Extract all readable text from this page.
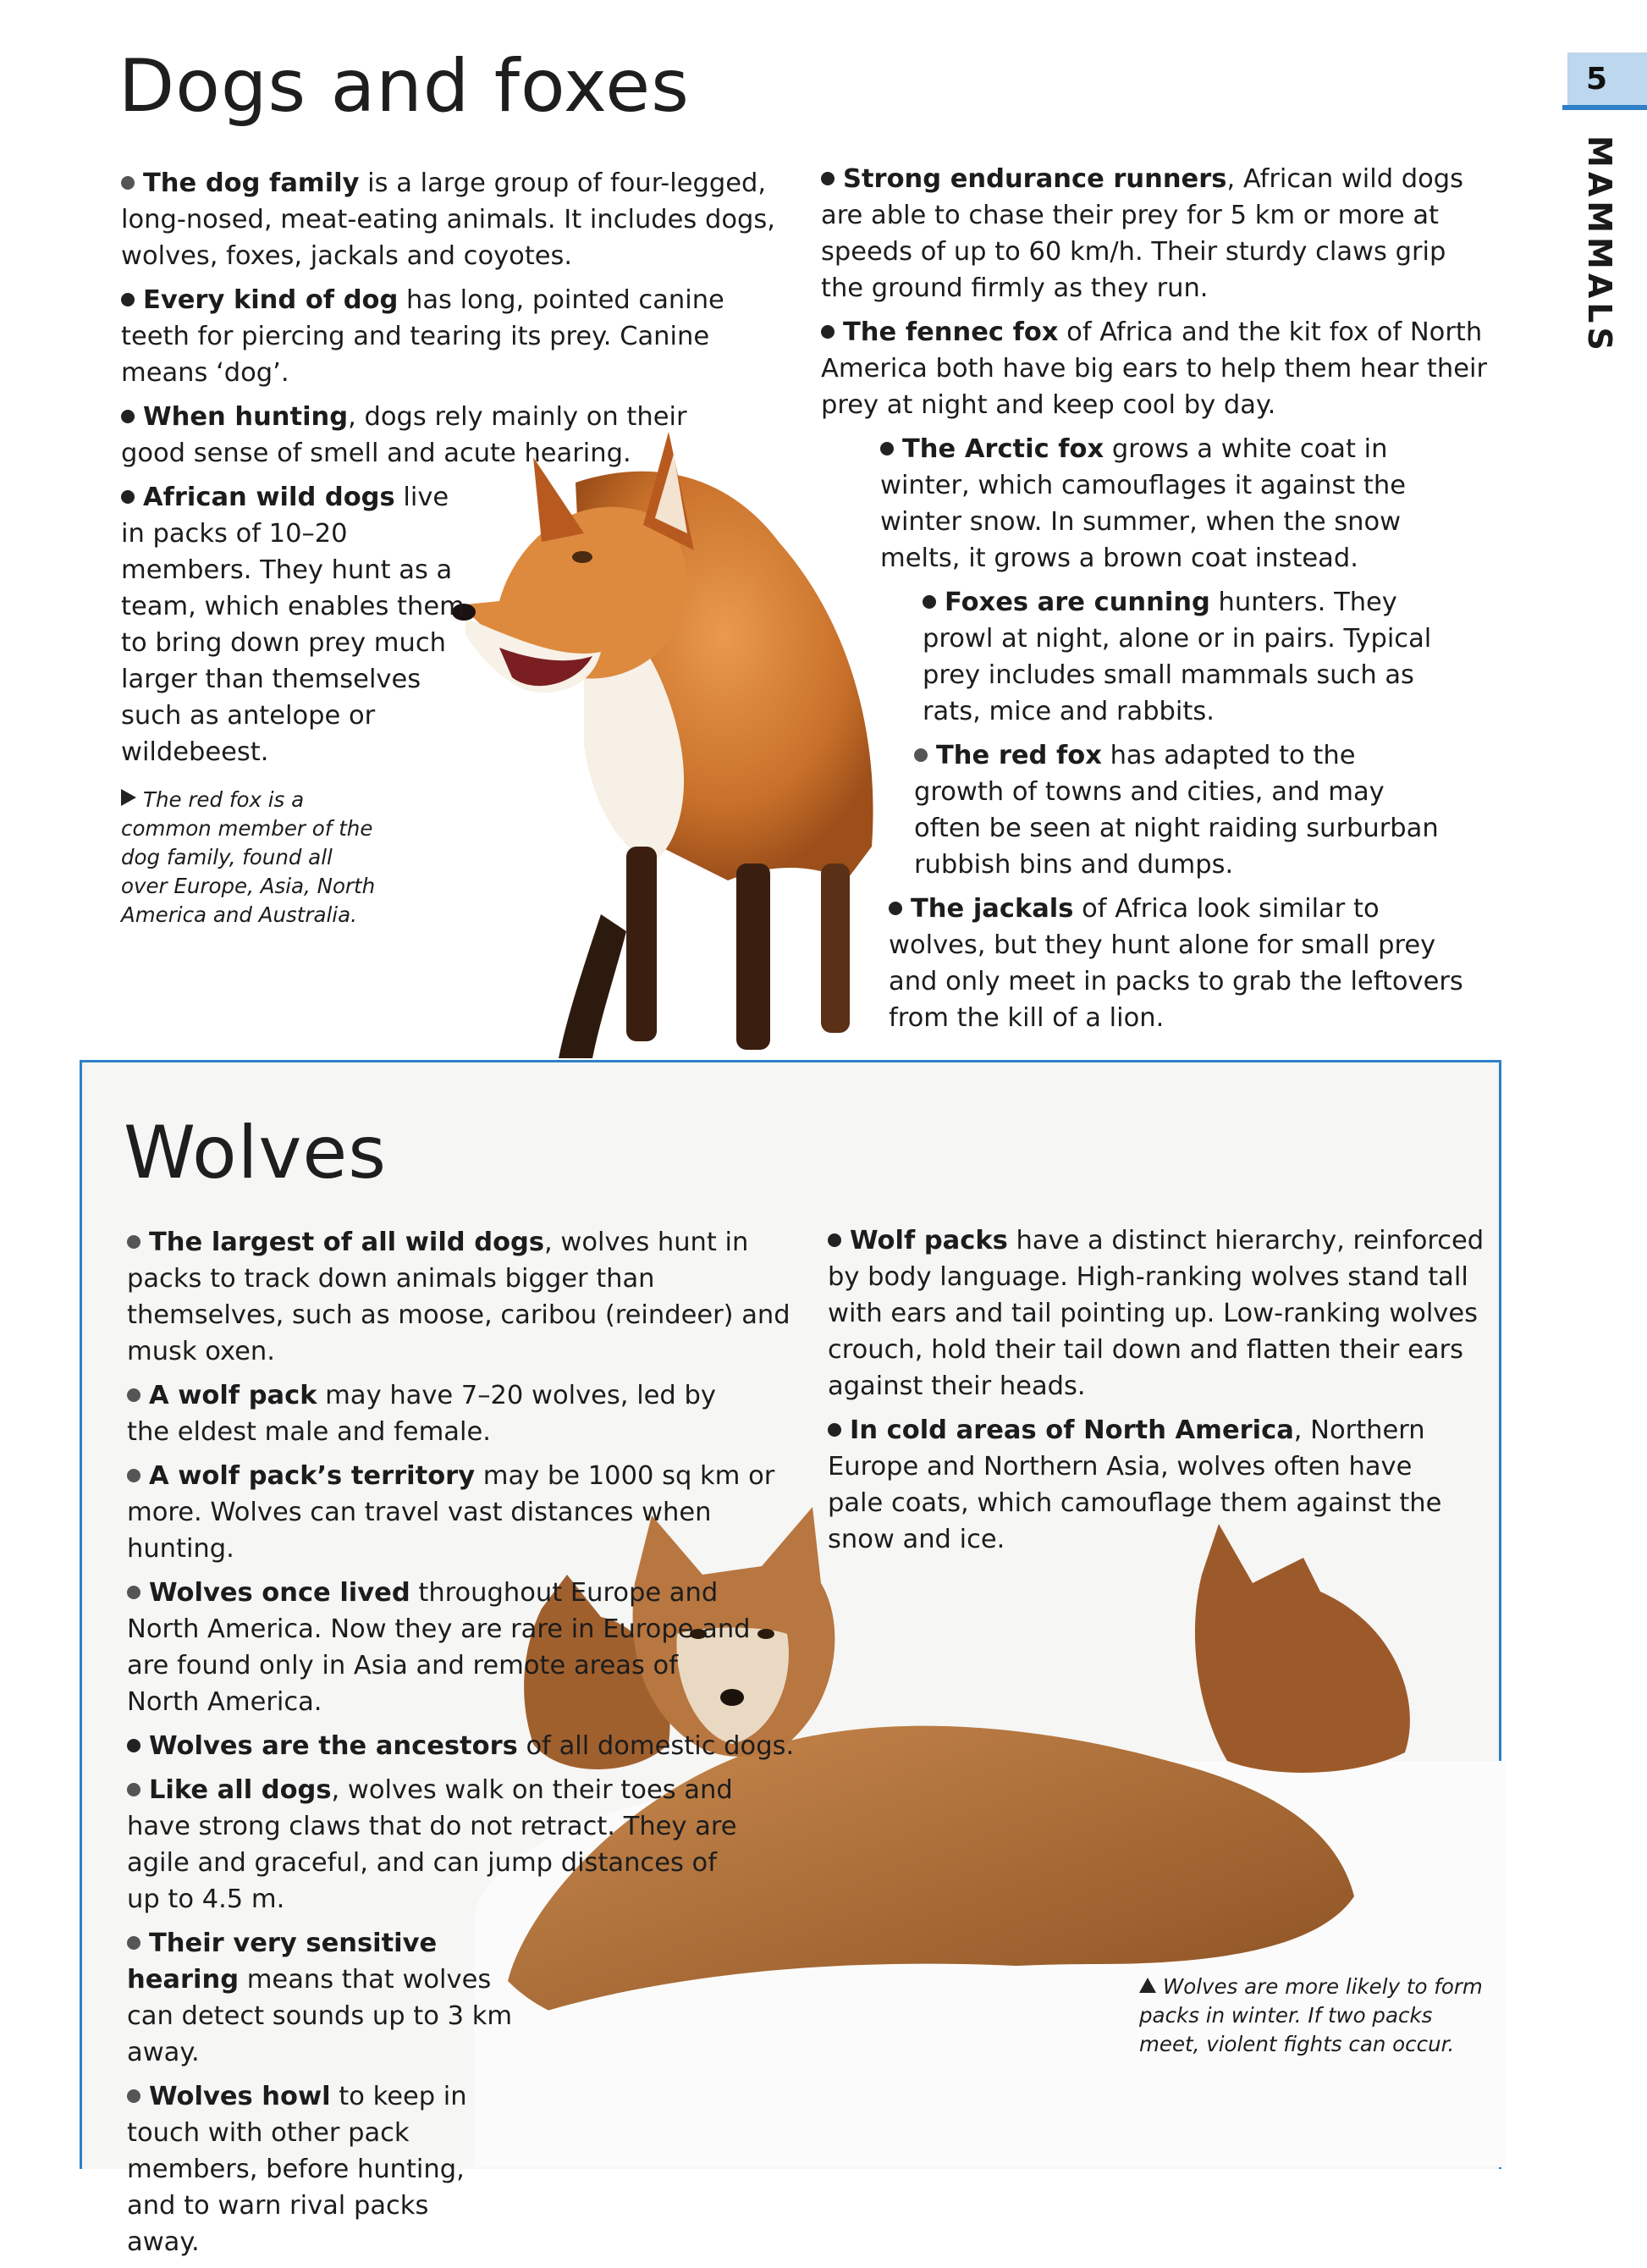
5
MAMMALS
Dogs and foxes

The dog family is a large group of four-legged, long-nosed, meat-eating animals. It includes dogs, wolves, foxes, jackals and coyotes.

Every kind of dog has long, pointed canine teeth for piercing and tearing its prey. Canine means ‘dog’.

When hunting, dogs rely mainly on their good sense of smell and acute hearing.

African wild dogs live in packs of 10–20 members. They hunt as a team, which enables them to bring down prey much larger than themselves such as antelope or wildebeest.

The red fox is a common member of the dog family, found all over Europe, Asia, North America and Australia.

Strong endurance runners, African wild dogs are able to chase their prey for 5 km or more at speeds of up to 60 km/h. Their sturdy claws grip the ground firmly as they run.

The fennec fox of Africa and the kit fox of North America both have big ears to help them hear their prey at night and keep cool by day.

The Arctic fox grows a white coat in winter, which camouflages it against the winter snow. In summer, when the snow melts, it grows a brown coat instead.

Foxes are cunning hunters. They prowl at night, alone or in pairs. Typical prey includes small mammals such as rats, mice and rabbits.

The red fox has adapted to the growth of towns and cities, and may often be seen at night raiding surburban rubbish bins and dumps.

The jackals of Africa look similar to wolves, but they hunt alone for small prey and only meet in packs to grab the leftovers from the kill of a lion.

Wolves

The largest of all wild dogs, wolves hunt in packs to track down animals bigger than themselves, such as moose, caribou (reindeer) and musk oxen.

A wolf pack may have 7–20 wolves, led by the eldest male and female.

A wolf pack’s territory may be 1000 sq km or more. Wolves can travel vast distances when hunting.

Wolves once lived throughout Europe and North America. Now they are rare in Europe and are found only in Asia and remote areas of North America.

Wolves are the ancestors of all domestic dogs.

Like all dogs, wolves walk on their toes and have strong claws that do not retract. They are agile and graceful, and can jump distances of up to 4.5 m.

Their very sensitive hearing means that wolves can detect sounds up to 3 km away.

Wolves howl to keep in touch with other pack members, before hunting, and to warn rival packs away.

Wolf packs have a distinct hierarchy, reinforced by body language. High-ranking wolves stand tall with ears and tail pointing up. Low-ranking wolves crouch, hold their tail down and flatten their ears against their heads.

In cold areas of North America, Northern Europe and Northern Asia, wolves often have pale coats, which camouflage them against the snow and ice.

Wolves are more likely to form packs in winter. If two packs meet, violent fights can occur.
